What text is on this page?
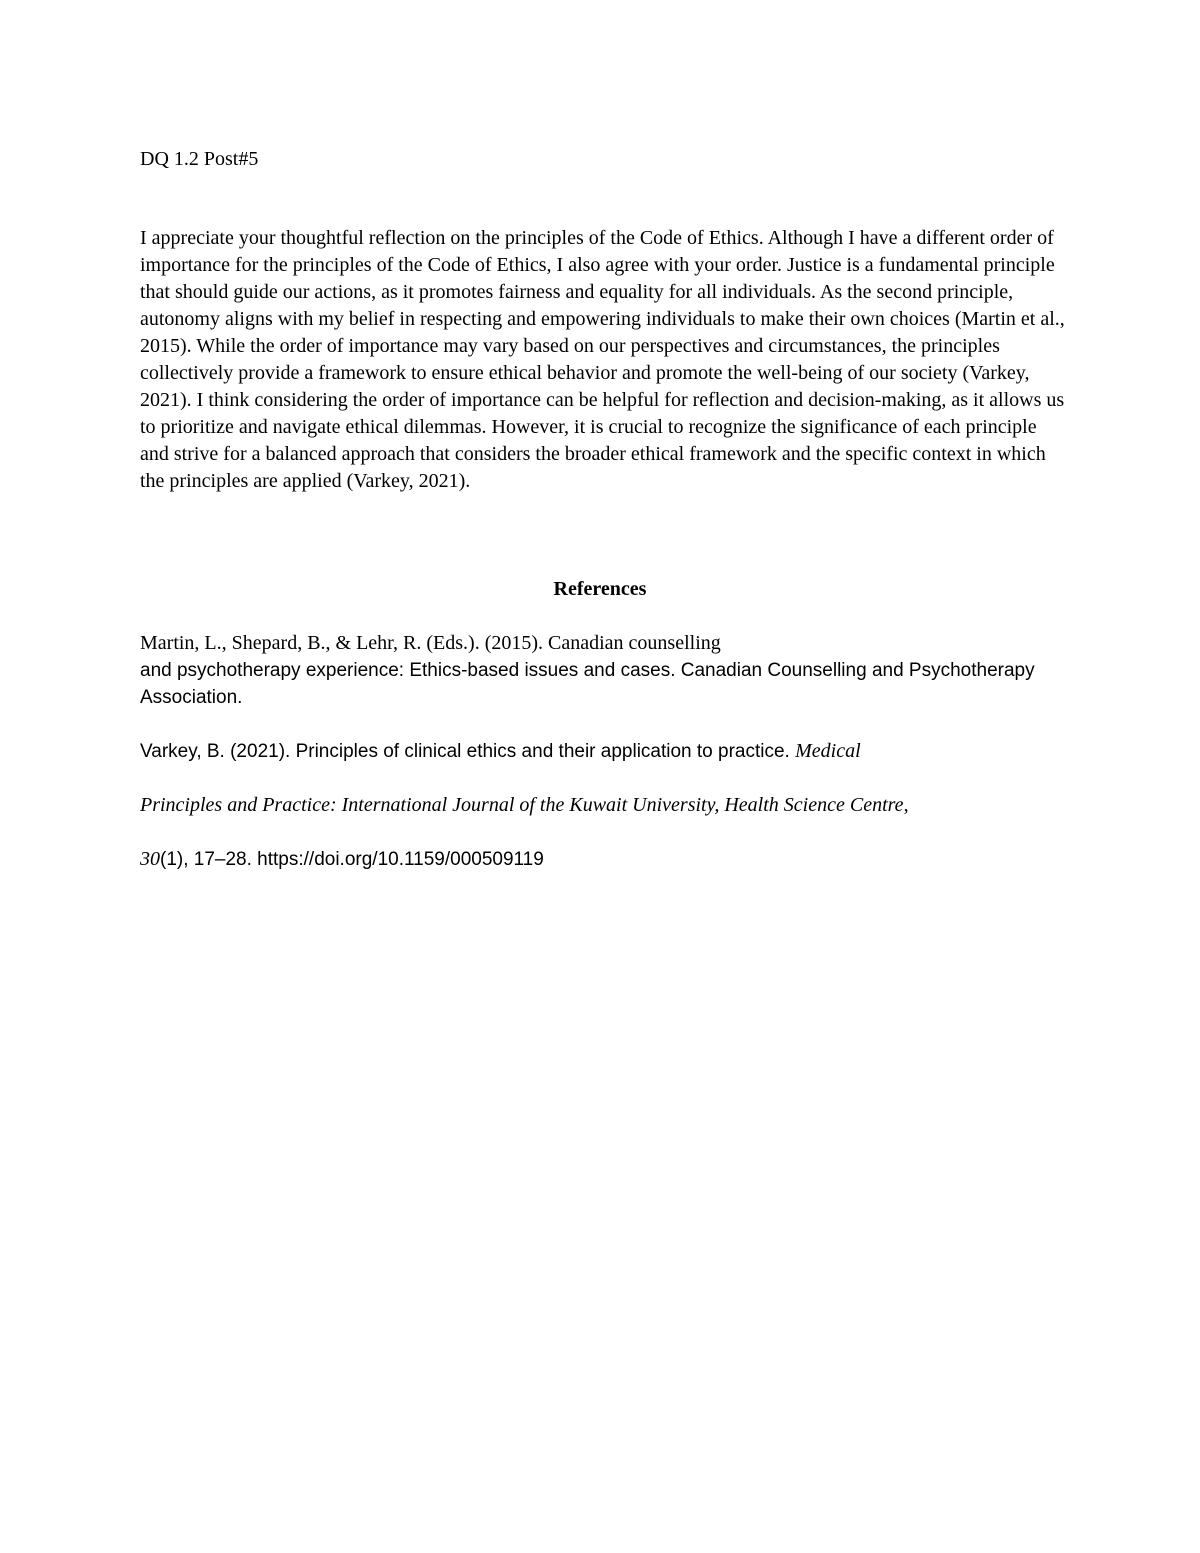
DQ 1.2 Post#5

I appreciate your thoughtful reflection on the principles of the Code of Ethics. Although I have a different order of importance for the principles of the Code of Ethics, I also agree with your order. Justice is a fundamental principle that should guide our actions, as it promotes fairness and equality for all individuals. As the second principle, autonomy aligns with my belief in respecting and empowering individuals to make their own choices (Martin et al., 2015). While the order of importance may vary based on our perspectives and circumstances, the principles collectively provide a framework to ensure ethical behavior and promote the well-being of our society (Varkey, 2021). I think considering the order of importance can be helpful for reflection and decision-making, as it allows us to prioritize and navigate ethical dilemmas. However, it is crucial to recognize the significance of each principle and strive for a balanced approach that considers the broader ethical framework and the specific context in which the principles are applied (Varkey, 2021).

References

Martin, L., Shepard, B., & Lehr, R. (Eds.). (2015). Canadian counselling
and psychotherapy experience: Ethics-based issues and cases. Canadian Counselling and Psychotherapy Association.

Varkey, B. (2021). Principles of clinical ethics and their application to practice. Medical

Principles and Practice: International Journal of the Kuwait University, Health Science Centre,

30(1), 17–28. https://doi.org/10.1159/000509119
